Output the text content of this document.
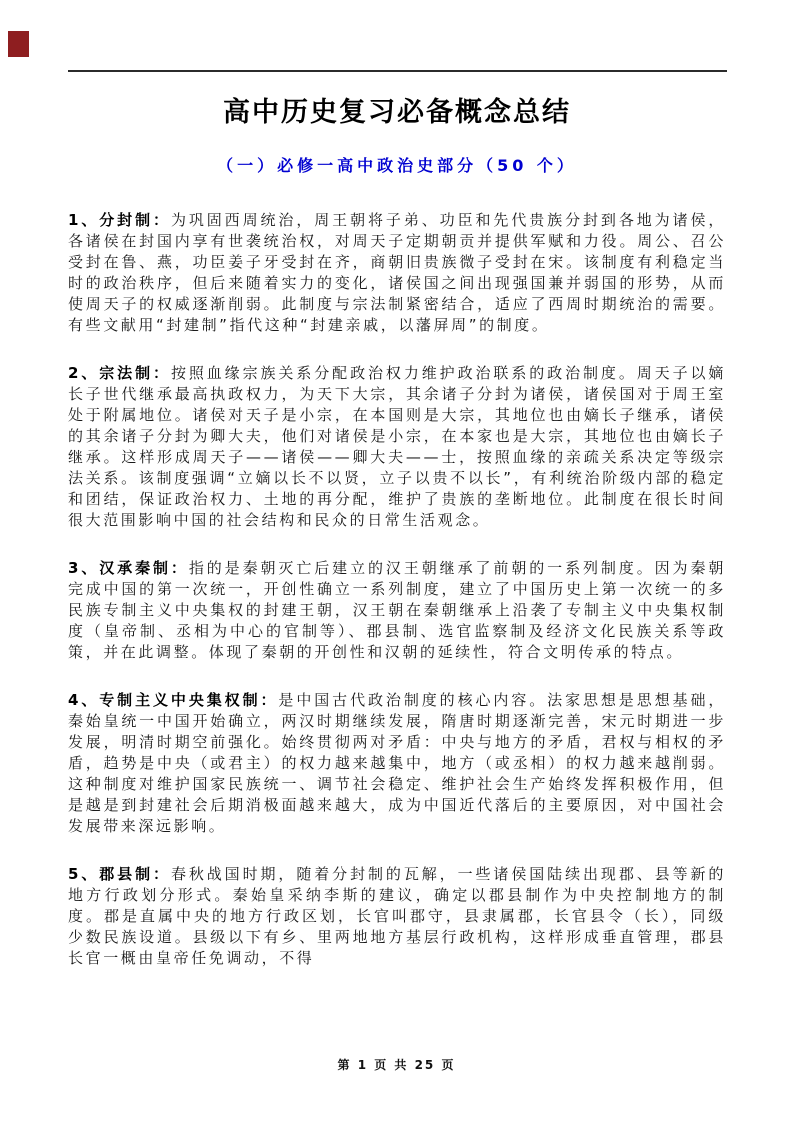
高中历史复习必备概念总结
（一）必修一高中政治史部分（50 个）

1、分封制：为巩固西周统治，周王朝将子弟、功臣和先代贵族分封到各地为诸侯，各诸侯在封国内享有世袭统治权，对周天子定期朝贡并提供军赋和力役。周公、召公受封在鲁、燕，功臣姜子牙受封在齐，商朝旧贵族微子受封在宋。该制度有利稳定当时的政治秩序，但后来随着实力的变化，诸侯国之间出现强国兼并弱国的形势，从而使周天子的权威逐渐削弱。此制度与宗法制紧密结合，适应了西周时期统治的需要。有些文献用“封建制”指代这种“封建亲戚，以藩屏周”的制度。

2、宗法制：按照血缘宗族关系分配政治权力维护政治联系的政治制度。周天子以嫡长子世代继承最高执政权力，为天下大宗，其余诸子分封为诸侯，诸侯国对于周王室处于附属地位。诸侯对天子是小宗，在本国则是大宗，其地位也由嫡长子继承，诸侯的其余诸子分封为卿大夫，他们对诸侯是小宗，在本家也是大宗，其地位也由嫡长子继承。这样形成周天子——诸侯——卿大夫——士，按照血缘的亲疏关系决定等级宗法关系。该制度强调“立嫡以长不以贤，立子以贵不以长”，有利统治阶级内部的稳定和团结，保证政治权力、土地的再分配，维护了贵族的垄断地位。此制度在很长时间很大范围影响中国的社会结构和民众的日常生活观念。

3、汉承秦制：指的是秦朝灭亡后建立的汉王朝继承了前朝的一系列制度。因为秦朝完成中国的第一次统一，开创性确立一系列制度，建立了中国历史上第一次统一的多民族专制主义中央集权的封建王朝，汉王朝在秦朝继承上沿袭了专制主义中央集权制度（皇帝制、丞相为中心的官制等）、郡县制、选官监察制及经济文化民族关系等政策，并在此调整。体现了秦朝的开创性和汉朝的延续性，符合文明传承的特点。

4、专制主义中央集权制：是中国古代政治制度的核心内容。法家思想是思想基础，秦始皇统一中国开始确立，两汉时期继续发展，隋唐时期逐渐完善，宋元时期进一步发展，明清时期空前强化。始终贯彻两对矛盾：中央与地方的矛盾，君权与相权的矛盾，趋势是中央（或君主）的权力越来越集中，地方（或丞相）的权力越来越削弱。这种制度对维护国家民族统一、调节社会稳定、维护社会生产始终发挥积极作用，但是越是到封建社会后期消极面越来越大，成为中国近代落后的主要原因，对中国社会发展带来深远影响。

5、郡县制：春秋战国时期，随着分封制的瓦解，一些诸侯国陆续出现郡、县等新的地方行政划分形式。秦始皇采纳李斯的建议，确定以郡县制作为中央控制地方的制度。郡是直属中央的地方行政区划，长官叫郡守，县隶属郡，长官县令（长），同级少数民族设道。县级以下有乡、里两地地方基层行政机构，这样形成垂直管理，郡县长官一概由皇帝任免调动，不得

第 1 页 共 25 页
